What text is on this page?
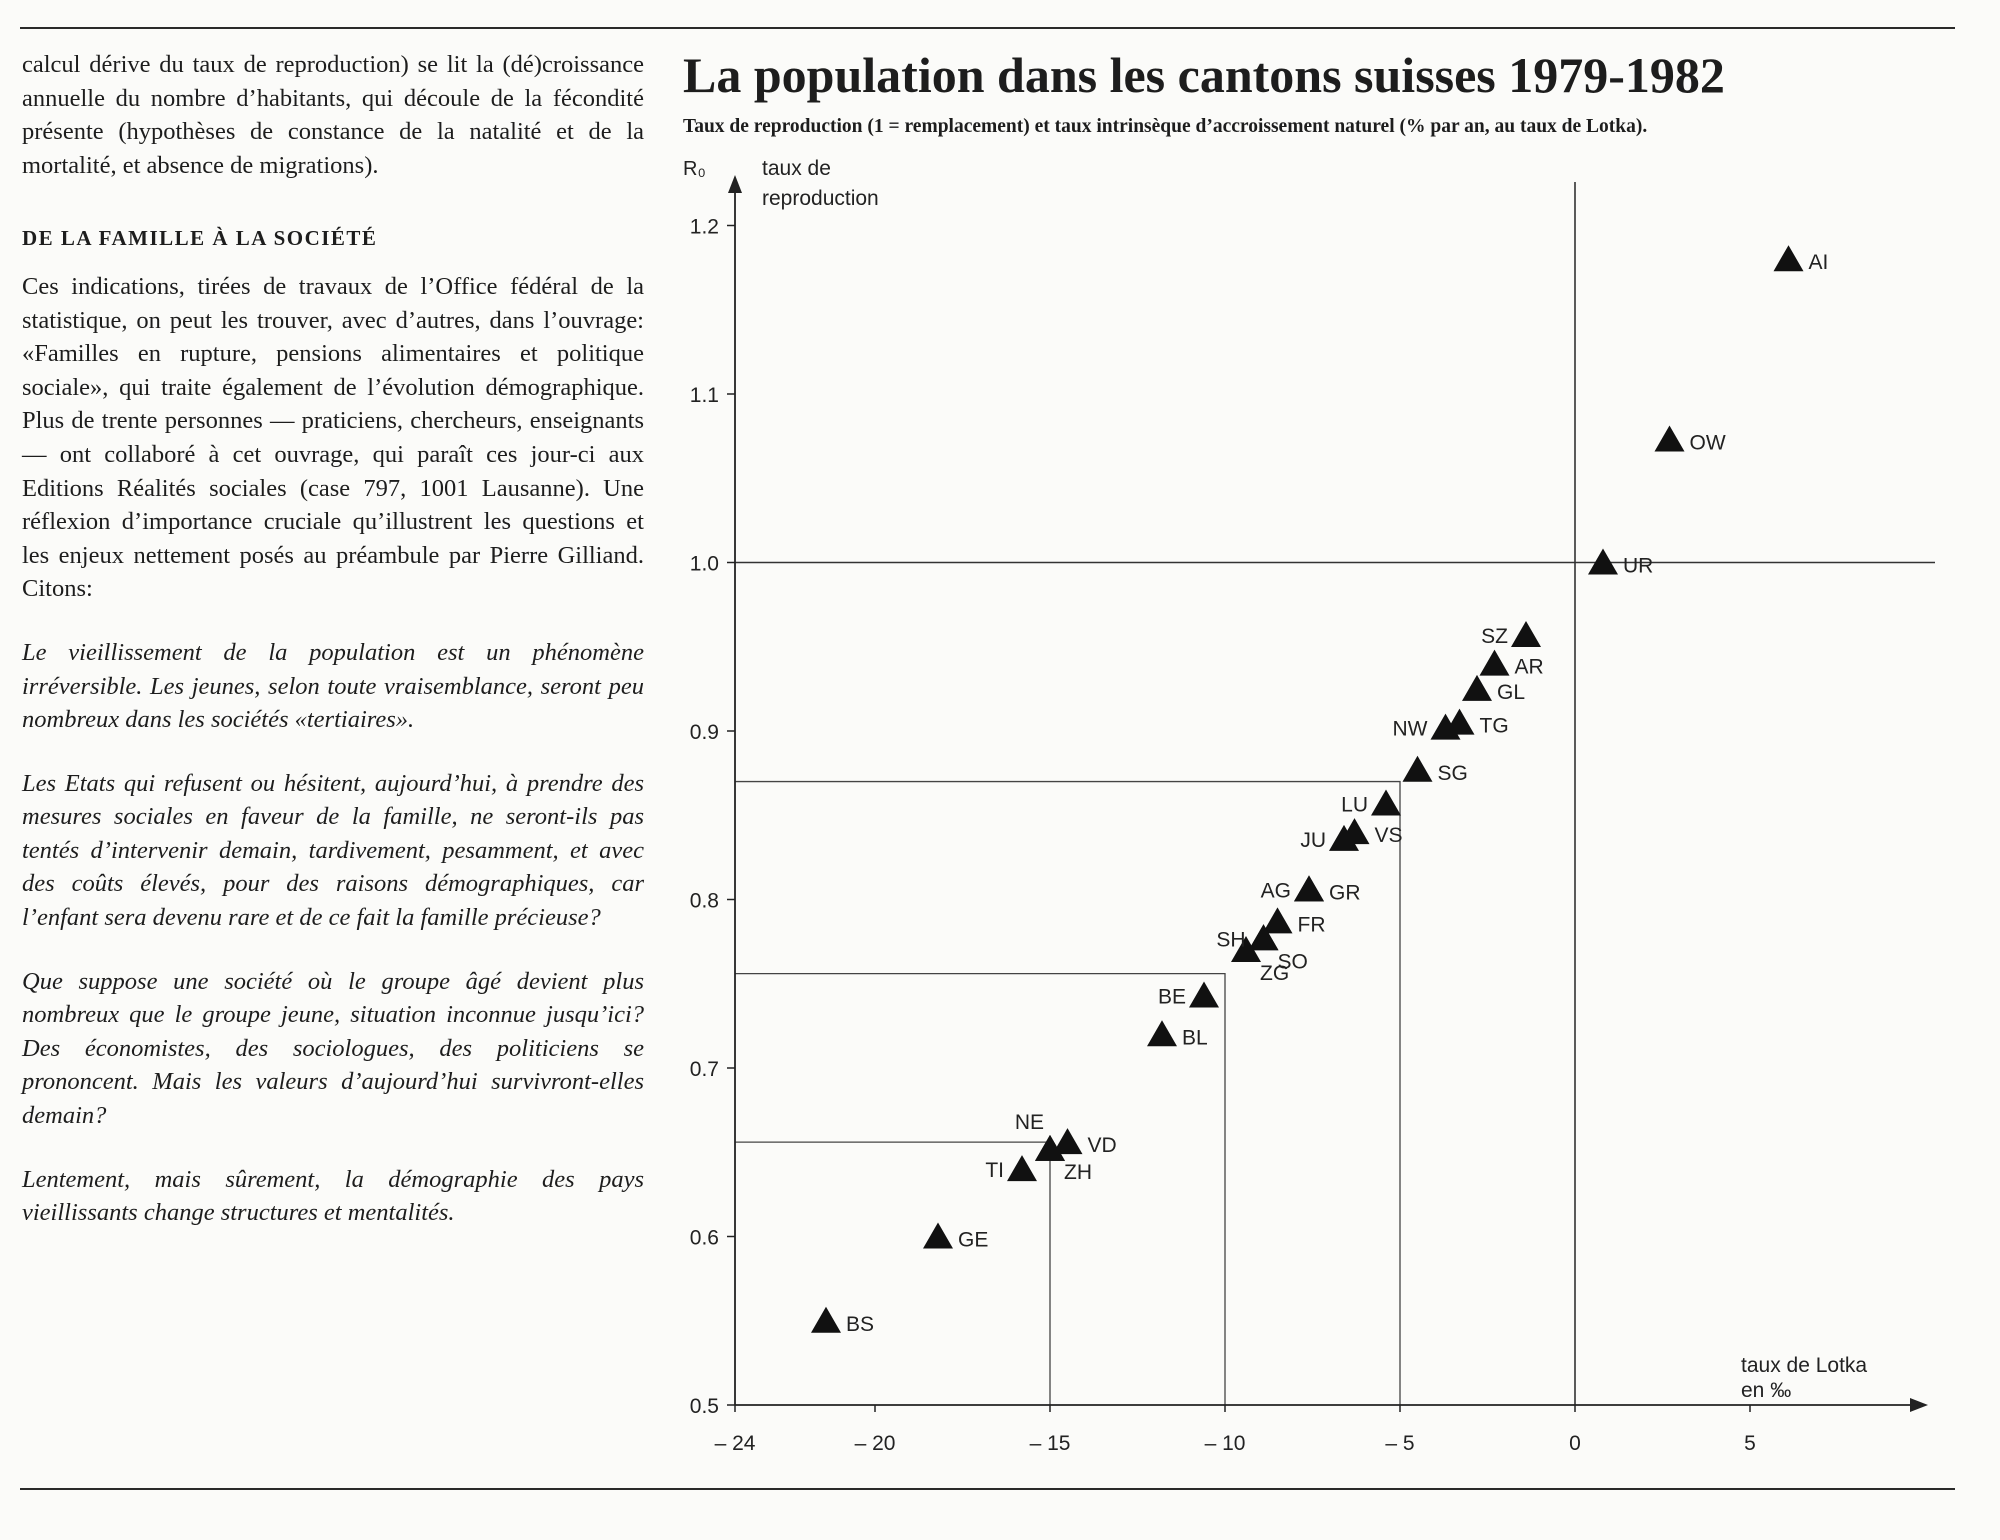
calcul dérive du taux de reproduction) se lit la (dé)croissance annuelle du nombre d’habitants, qui découle de la fécondité présente (hypothèses de constance de la natalité et de la mortalité, et absence de migrations).

DE LA FAMILLE À LA SOCIÉTÉ

Ces indications, tirées de travaux de l’Office fédéral de la statistique, on peut les trouver, avec d’autres, dans l’ouvrage: «Familles en rupture, pensions alimentaires et politique sociale», qui traite également de l’évolution démographique. Plus de trente personnes — praticiens, chercheurs, enseignants — ont collaboré à cet ouvrage, qui paraît ces jour-ci aux Editions Réalités sociales (case 797, 1001 Lausanne). Une réflexion d’importance cruciale qu’illustrent les questions et les enjeux nettement posés au préambule par Pierre Gilliand. Citons:

Le vieillissement de la population est un phénomène irréversible. Les jeunes, selon toute vraisemblance, seront peu nombreux dans les sociétés «tertiaires».

Les Etats qui refusent ou hésitent, aujourd’hui, à prendre des mesures sociales en faveur de la famille, ne seront-ils pas tentés d’intervenir demain, tardivement, pesamment, et avec des coûts élevés, pour des raisons démographiques, car l’enfant sera devenu rare et de ce fait la famille précieuse?

Que suppose une société où le groupe âgé devient plus nombreux que le groupe jeune, situation inconnue jusqu’ici? Des économistes, des sociologues, des politiciens se prononcent. Mais les valeurs d’aujourd’hui survivront-elles demain?

Lentement, mais sûrement, la démographie des pays vieillissants change structures et mentalités.

La population dans les cantons suisses 1979-1982
Taux de reproduction (1 = remplacement) et taux intrinsèque d’accroissement naturel (% par an, au taux de Lotka).
0.5
0.6
0.7
0.8
0.9
1.0
1.1
1.2
– 24	– 20	– 15	– 10	– 5	0	5
R₀	taux de
reproduction
taux de Lotka
en ‰
AI
OW
UR
SZ
AR
GL
TG
NW
SG
LU
VS
JU
GR
AG
FR
SH
SO
ZG
BE
BL
NE
VD
ZH
TI
GE
BS
